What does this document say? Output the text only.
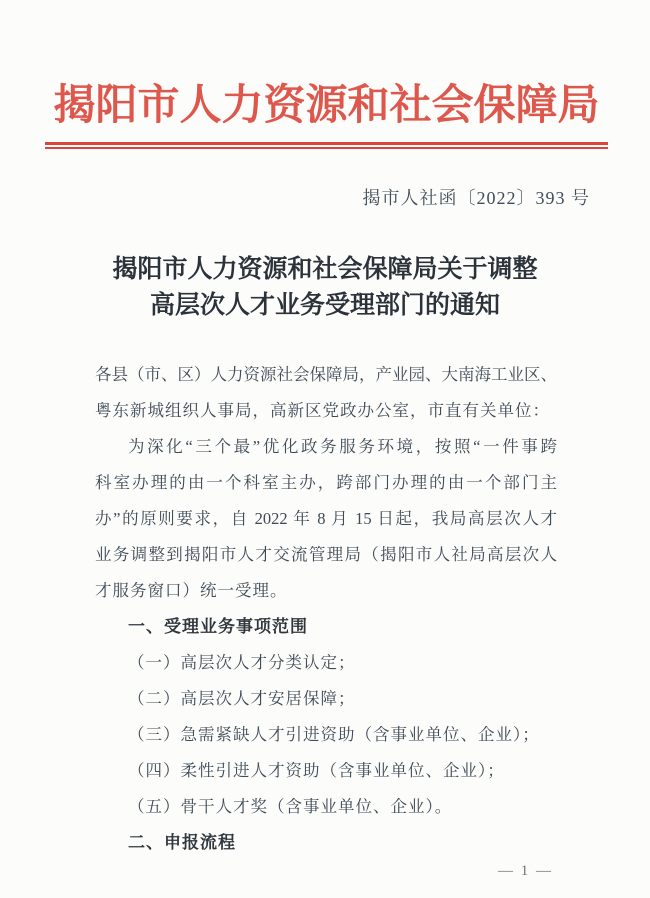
揭阳市人力资源和社会保障局
揭市人社函〔2022〕393 号
揭阳市人力资源和社会保障局关于调整
高层次人才业务受理部门的通知
各县（市、区）人力资源社会保障局，产业园、大南海工业区、
粤东新城组织人事局，高新区党政办公室，市直有关单位：
为深化“三个最”优化政务服务环境，按照“一件事跨
科室办理的由一个科室主办，跨部门办理的由一个部门主
办”的原则要求，自 2022 年 8 月 15 日起，我局高层次人才
业务调整到揭阳市人才交流管理局（揭阳市人社局高层次人
才服务窗口）统一受理。
一、受理业务事项范围
（一）高层次人才分类认定；
（二）高层次人才安居保障；
（三）急需紧缺人才引进资助（含事业单位、企业）；
（四）柔性引进人才资助（含事业单位、企业）；
（五）骨干人才奖（含事业单位、企业）。
二、申报流程
— 1 —
